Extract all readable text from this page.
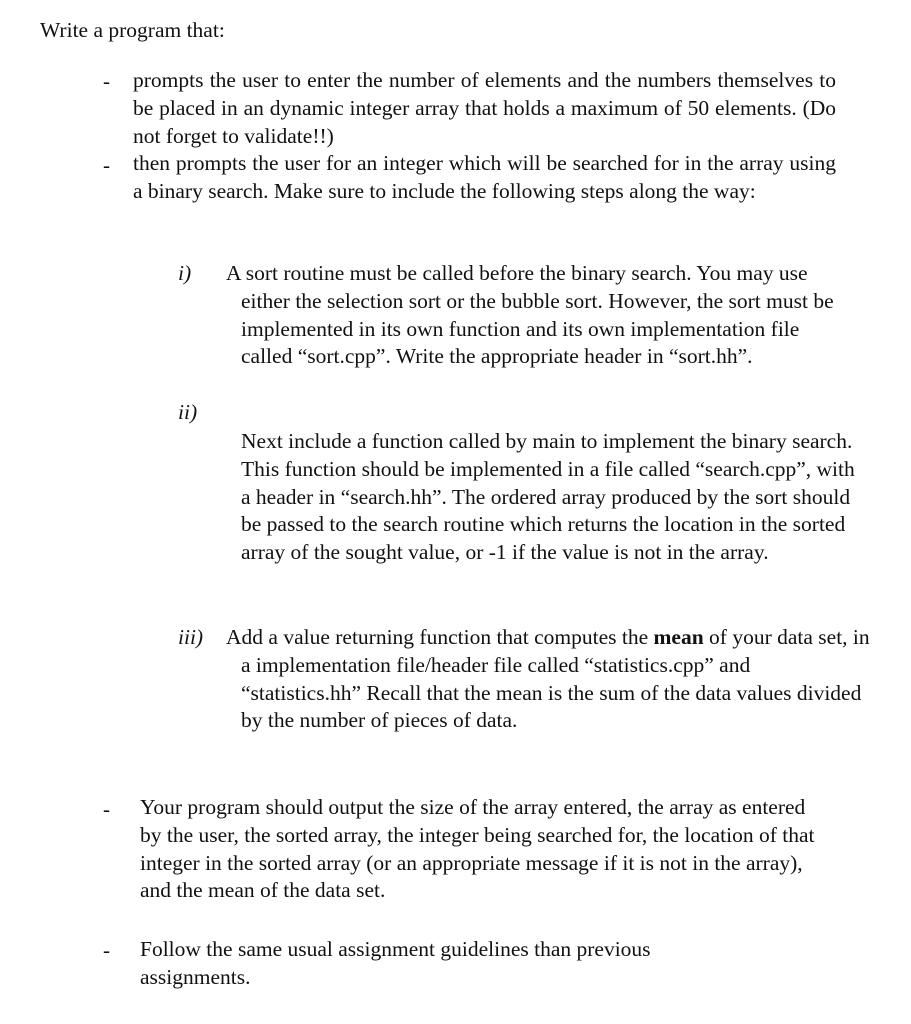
Write a program that:
- prompts the user to enter the number of elements and the numbers themselves to be placed in an dynamic integer array that holds a maximum of 50 elements. (Do not forget to validate!!)
- then prompts the user for an integer which will be searched for in the array using a binary search. Make sure to include the following steps along the way:
i) A sort routine must be called before the binary search. You may use either the selection sort or the bubble sort. However, the sort must be implemented in its own function and its own implementation file called “sort.cpp”. Write the appropriate header in “sort.hh”.
ii)
Next include a function called by main to implement the binary search. This function should be implemented in a file called “search.cpp”, with a header in “search.hh”. The ordered array produced by the sort should be passed to the search routine which returns the location in the sorted array of the sought value, or -1 if the value is not in the array.
iii) Add a value returning function that computes the mean of your data set, in a implementation file/header file called “statistics.cpp” and “statistics.hh” Recall that the mean is the sum of the data values divided by the number of pieces of data.
- Your program should output the size of the array entered, the array as entered by the user, the sorted array, the integer being searched for, the location of that integer in the sorted array (or an appropriate message if it is not in the array), and the mean of the data set.
- Follow the same usual assignment guidelines than previous assignments.
